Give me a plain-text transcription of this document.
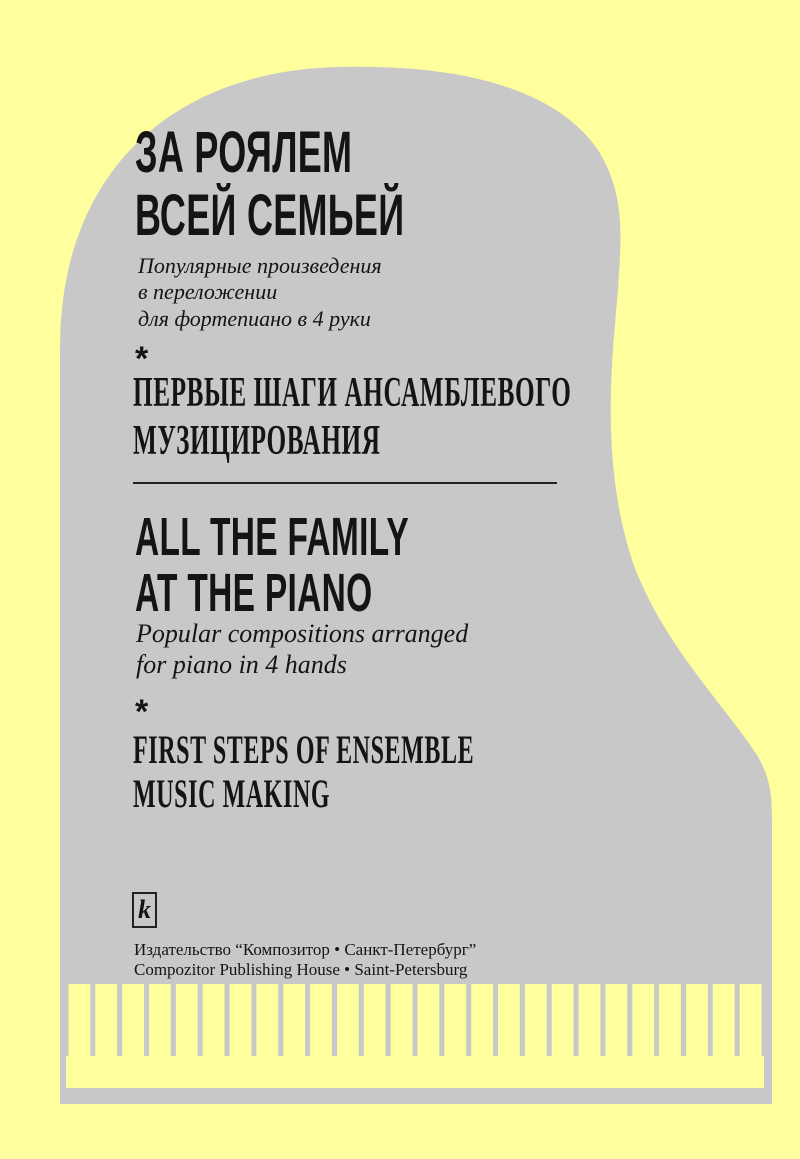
ЗА РОЯЛЕМ
ВСЕЙ СЕМЬЕЙ
Популярные произведения
в переложении
для фортепиано в 4 руки
*
ПЕРВЫЕ ШАГИ АНСАМБЛЕВОГО
МУЗИЦИРОВАНИЯ
ALL THE FAMILY
AT THE PIANO
Popular compositions arranged
for piano in 4 hands
*
FIRST STEPS OF ENSEMBLE
MUSIC MAKING
k
Издательство “Композитор • Санкт-Петербург”
Compozitor Publishing House • Saint-Petersburg
